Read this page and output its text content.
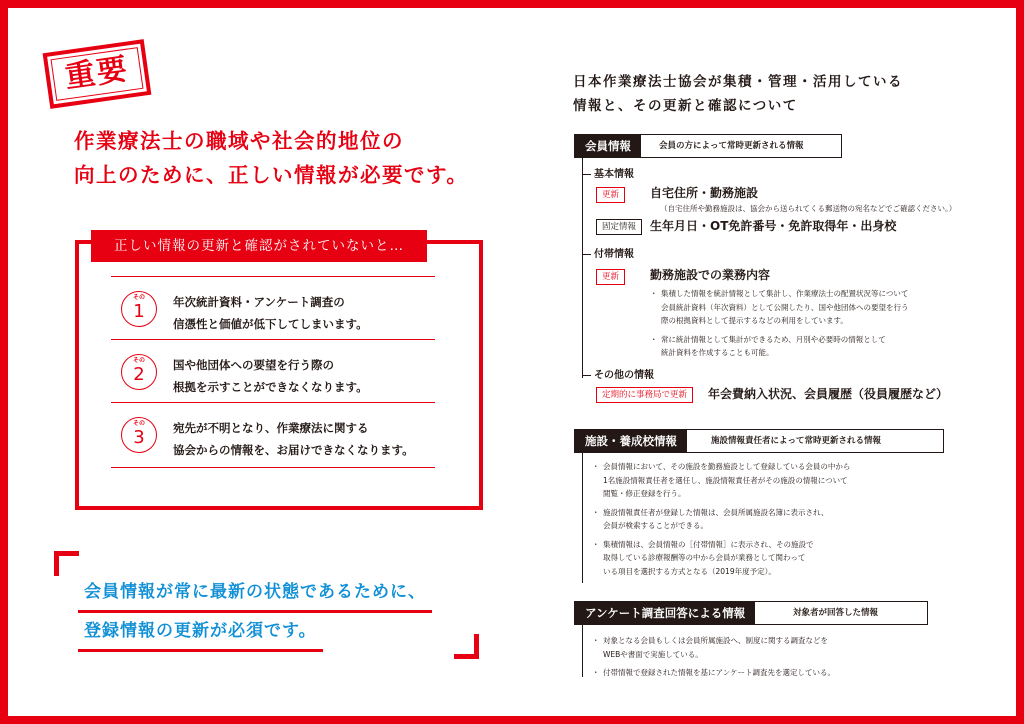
重要
作業療法士の職域や社会的地位の
向上のために、正しい情報が必要です。
正しい情報の更新と確認がされていないと…
その
1	年次統計資料・アンケート調査の
信憑性と価値が低下してしまいます。
その
2	国や他団体への要望を行う際の
根拠を示すことができなくなります。
その
3	宛先が不明となり、作業療法に関する
協会からの情報を、お届けできなくなります。
会員情報が常に最新の状態であるために、
登録情報の更新が必須です。
日本作業療法士協会が集積・管理・活用している
情報と、その更新と確認について
会員情報	会員の方によって常時更新される情報
基本情報
更新	自宅住所・勤務施設
（自宅住所や勤務施設は、協会から送られてくる郵送物の宛名などでご確認ください。）
固定情報	生年月日・OT免許番号・免許取得年・出身校
付帯情報
更新	勤務施設での業務内容

・ 集積した情報を統計情報として集計し、作業療法士の配置状況等について
会員統計資料（年次資料）として公開したり、国や他団体への要望を行う
際の根拠資料として提示するなどの利用をしています。

・ 常に統計情報として集計ができるため、月別や必要時の情報として
統計資料を作成することも可能。

その他の情報
定期的に事務局で更新	年会費納入状況、会員履歴（役員履歴など）
施設・養成校情報	施設情報責任者によって常時更新される情報

・ 会員情報において、その施設を勤務施設として登録している会員の中から
1名施設情報責任者を選任し、施設情報責任者がその施設の情報について
閲覧・修正登録を行う。

・ 施設情報責任者が登録した情報は、会員所属施設名簿に表示され、
会員が検索することができる。

・ 集積情報は、会員情報の［付帯情報］に表示され、その施設で
取得している診療報酬等の中から会員が業務として関わって
いる項目を選択する方式となる（2019年度予定）。

アンケート調査回答による情報	対象者が回答した情報

・ 対象となる会員もしくは会員所属施設へ、制度に関する調査などを
WEBや書面で実施している。

・ 付帯情報で登録された情報を基にアンケート調査先を選定している。
